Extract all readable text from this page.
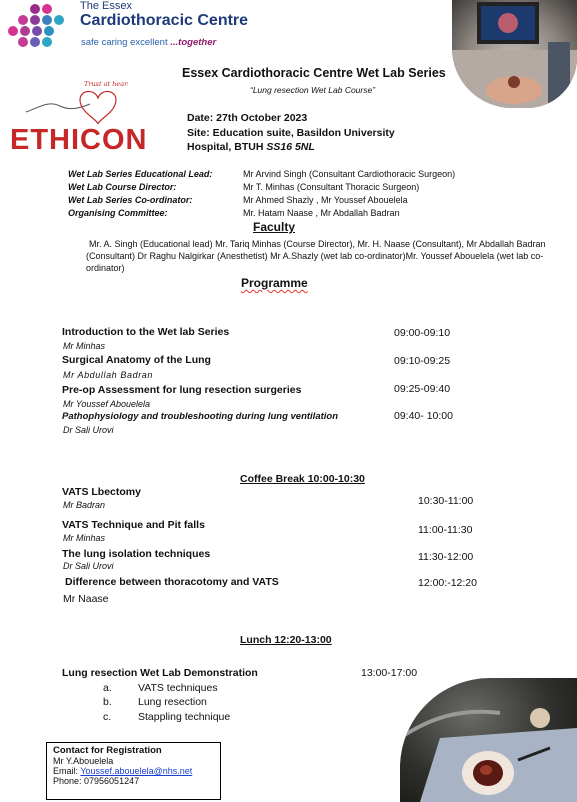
The Essex
Cardiothoracic Centre
safe caring excellent ...together
Trust at heart
ETHICON
Essex Cardiothoracic Centre Wet Lab Series
“Lung resection Wet Lab Course”
Date: 27th October 2023
Site: Education suite, Basildon University
Hospital, BTUH SS16 5NL
Wet Lab Series Educational Lead:	Mr Arvind Singh (Consultant Cardiothoracic Surgeon)
Wet Lab Course Director:	Mr T. Minhas (Consultant Thoracic Surgeon)
Wet Lab Series Co-ordinator:	Mr Ahmed Shazly , Mr Youssef Abouelela
Organising Committee:	Mr. Hatam Naase , Mr Abdallah Badran
Faculty
Mr. A. Singh (Educational lead) Mr. Tariq Minhas (Course Director), Mr. H. Naase (Consultant), Mr Abdallah Badran (Consultant) Dr Raghu Nalgirkar (Anesthetist) Mr A.Shazly (wet lab co-ordinator)Mr. Youssef Abouelela (wet lab co-ordinator)
Programme
Introduction to the Wet lab Series
Mr Minhas
09:00-09:10
Surgical Anatomy of the Lung
Mr Abdullah Badran
09:10-09:25
Pre-op Assessment for lung resection surgeries
Mr Youssef Abouelela
09:25-09:40
Pathophysiology and troubleshooting during lung ventilation
Dr Sali Urovi
09:40- 10:00
Coffee Break 10:00-10:30
VATS Lbectomy
Mr Badran	10:30-11:00
VATS Technique and Pit falls
Mr Minhas
11:00-11:30
The lung isolation techniques
Dr Sali Urovi
11:30-12:00
Difference between thoracotomy and VATS
Mr Naase
12:00:-12:20
Lunch 12:20-13:00
Lung resection Wet Lab Demonstration	13:00-17:00
a. VATS techniques
b. Lung resection
c.	Stappling technique
Contact for Registration
Mr Y.Abouelela
Email: Youssef.abouelela@nhs.net
Phone: 07956051247
